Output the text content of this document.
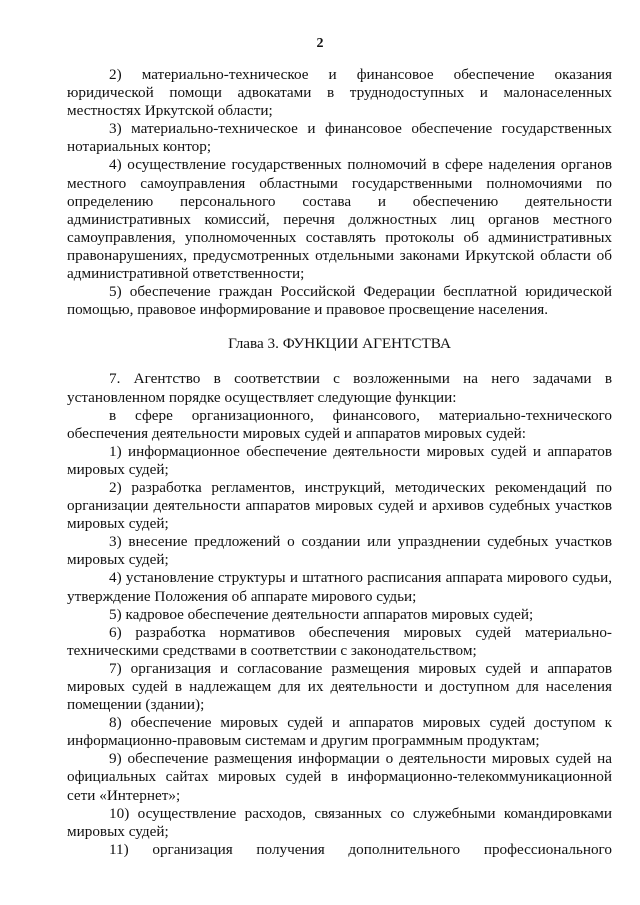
2

2) материально-техническое и финансовое обеспечение оказания юридической помощи адвокатами в труднодоступных и малонаселенных местностях Иркутской области;

3) материально-техническое и финансовое обеспечение государственных нотариальных контор;

4) осуществление государственных полномочий в сфере наделения органов местного самоуправления областными государственными полномочиями по определению персонального состава и обеспечению деятельности административных комиссий, перечня должностных лиц органов местного самоуправления, уполномоченных составлять протоколы об административных правонарушениях, предусмотренных отдельными законами Иркутской области об административной ответственности;

5) обеспечение граждан Российской Федерации бесплатной юридической помощью, правовое информирование и правовое просвещение населения.

Глава 3. ФУНКЦИИ АГЕНТСТВА

7. Агентство в соответствии с возложенными на него задачами в установленном порядке осуществляет следующие функции:

в сфере организационного, финансового, материально-технического обеспечения деятельности мировых судей и аппаратов мировых судей:

1) информационное обеспечение деятельности мировых судей и аппаратов мировых судей;

2) разработка регламентов, инструкций, методических рекомендаций по организации деятельности аппаратов мировых судей и архивов судебных участков мировых судей;

3) внесение предложений о создании или упразднении судебных участков мировых судей;

4) установление структуры и штатного расписания аппарата мирового судьи, утверждение Положения об аппарате мирового судьи;

5) кадровое обеспечение деятельности аппаратов мировых судей;

6) разработка нормативов обеспечения мировых судей материально-техническими средствами в соответствии с законодательством;

7) организация и согласование размещения мировых судей и аппаратов мировых судей в надлежащем для их деятельности и доступном для населения помещении (здании);

8) обеспечение мировых судей и аппаратов мировых судей доступом к информационно-правовым системам и другим программным продуктам;

9) обеспечение размещения информации о деятельности мировых судей на официальных сайтах мировых судей в информационно-телекоммуникационной сети «Интернет»;

10) осуществление расходов, связанных со служебными командировками мировых судей;

11) организация получения дополнительного профессионального
